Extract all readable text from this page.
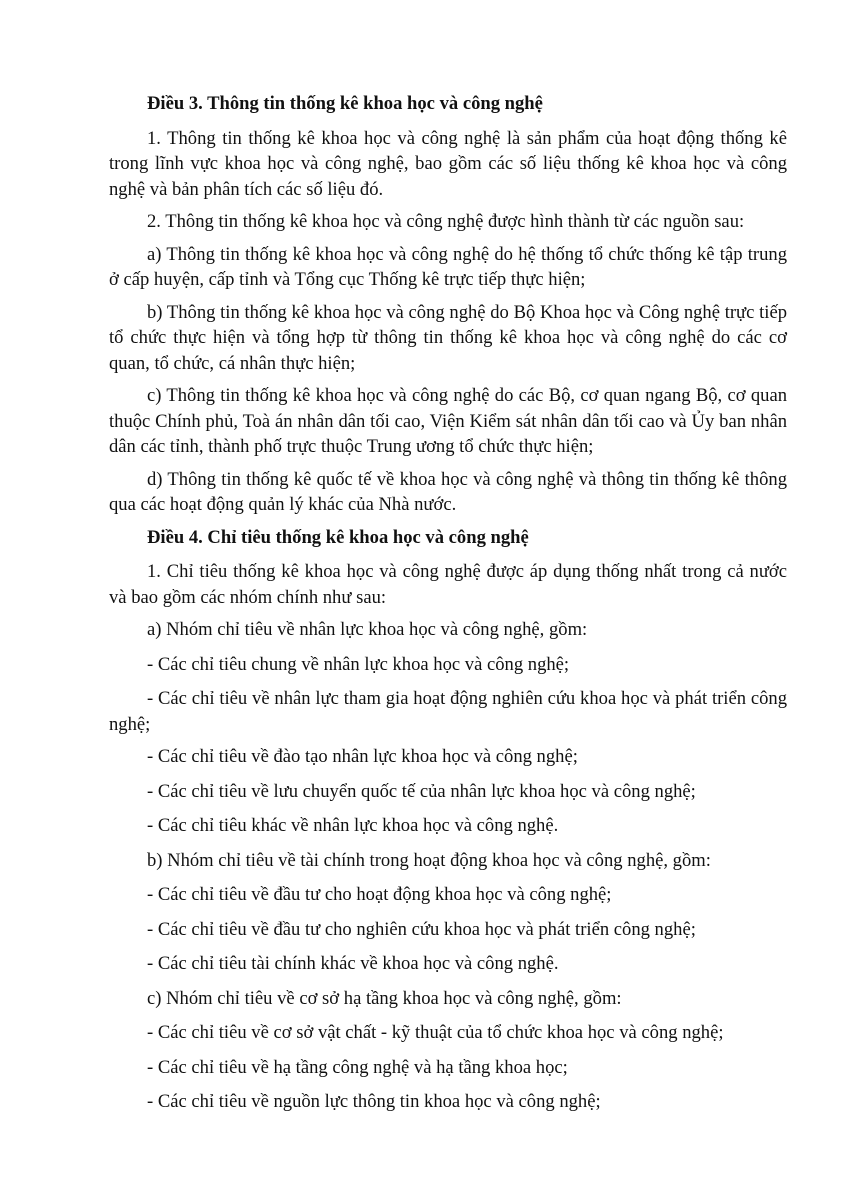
Điều 3. Thông tin thống kê khoa học và công nghệ

1. Thông tin thống kê khoa học và công nghệ là sản phẩm của hoạt động thống kê trong lĩnh vực khoa học và công nghệ, bao gồm các số liệu thống kê khoa học và công nghệ và bản phân tích các số liệu đó.

2. Thông tin thống kê khoa học và công nghệ được hình thành từ các nguồn sau:

a) Thông tin thống kê khoa học và công nghệ do hệ thống tổ chức thống kê tập trung ở cấp huyện, cấp tỉnh và Tổng cục Thống kê trực tiếp thực hiện;

b) Thông tin thống kê khoa học và công nghệ do Bộ Khoa học và Công nghệ trực tiếp tổ chức thực hiện và tổng hợp từ thông tin thống kê khoa học và công nghệ do các cơ quan, tổ chức, cá nhân thực hiện;

c) Thông tin thống kê khoa học và công nghệ do các Bộ, cơ quan ngang Bộ, cơ quan thuộc Chính phủ, Toà án nhân dân tối cao, Viện Kiểm sát nhân dân tối cao và Ủy ban nhân dân các tỉnh, thành phố trực thuộc Trung ương tổ chức thực hiện;

d) Thông tin thống kê quốc tế về khoa học và công nghệ và thông tin thống kê thông qua các hoạt động quản lý khác của Nhà nước.

Điều 4. Chỉ tiêu thống kê khoa học và công nghệ

1. Chỉ tiêu thống kê khoa học và công nghệ được áp dụng thống nhất trong cả nước và bao gồm các nhóm chính như sau:

a) Nhóm chỉ tiêu về nhân lực khoa học và công nghệ, gồm:

- Các chỉ tiêu chung về nhân lực khoa học và công nghệ;

- Các chỉ tiêu về nhân lực tham gia hoạt động nghiên cứu khoa học và phát triển công nghệ;

- Các chỉ tiêu về đào tạo nhân lực khoa học và công nghệ;

- Các chỉ tiêu về lưu chuyển quốc tế của nhân lực khoa học và công nghệ;

- Các chỉ tiêu khác về nhân lực khoa học và công nghệ.

b) Nhóm chỉ tiêu về tài chính trong hoạt động khoa học và công nghệ, gồm:

- Các chỉ tiêu về đầu tư cho hoạt động khoa học và công nghệ;

- Các chỉ tiêu về đầu tư cho nghiên cứu khoa học và phát triển công nghệ;

- Các chỉ tiêu tài chính khác về khoa học và công nghệ.

c) Nhóm chỉ tiêu về cơ sở hạ tầng khoa học và công nghệ, gồm:

- Các chỉ tiêu về cơ sở vật chất - kỹ thuật của tổ chức khoa học và công nghệ;

- Các chỉ tiêu về hạ tầng công nghệ và hạ tầng khoa học;

- Các chỉ tiêu về nguồn lực thông tin khoa học và công nghệ;
